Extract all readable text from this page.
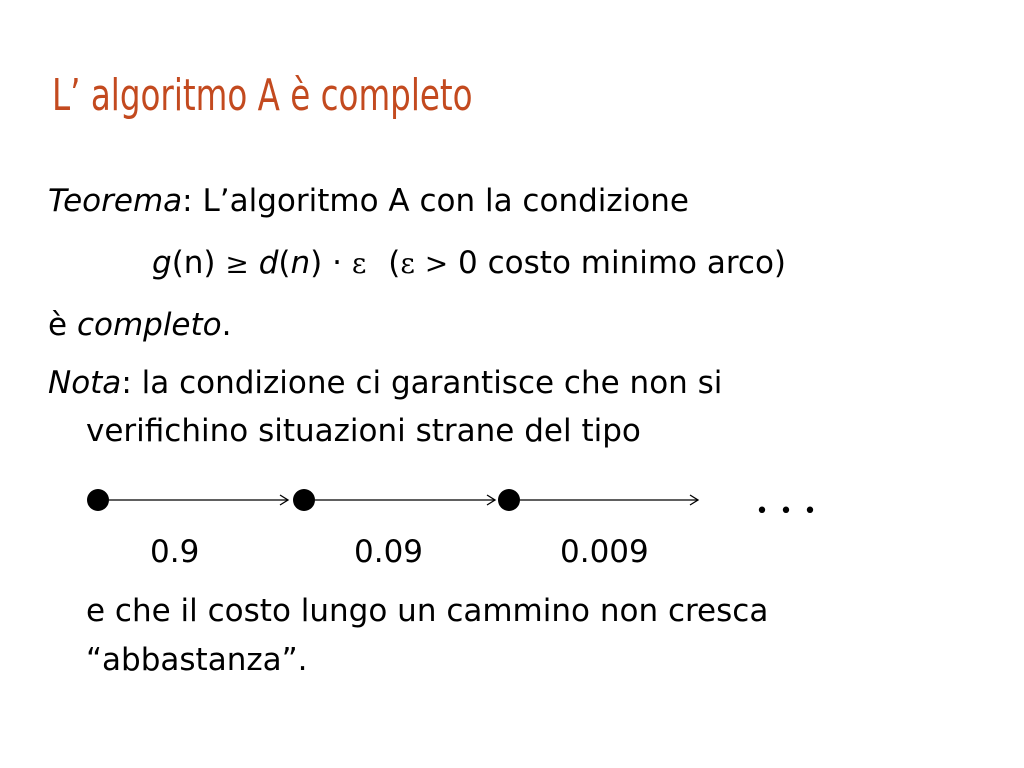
L’ algoritmo A è completo
Teorema: L’algoritmo A con la condizione
g(n) ≥ d(n) · ε (ε > 0 costo minimo arco)
è completo.
Nota: la condizione ci garantisce che non si
verifichino situazioni strane del tipo
• • •
0.9	0.09	0.009
e che il costo lungo un cammino non cresca
“abbastanza”.
